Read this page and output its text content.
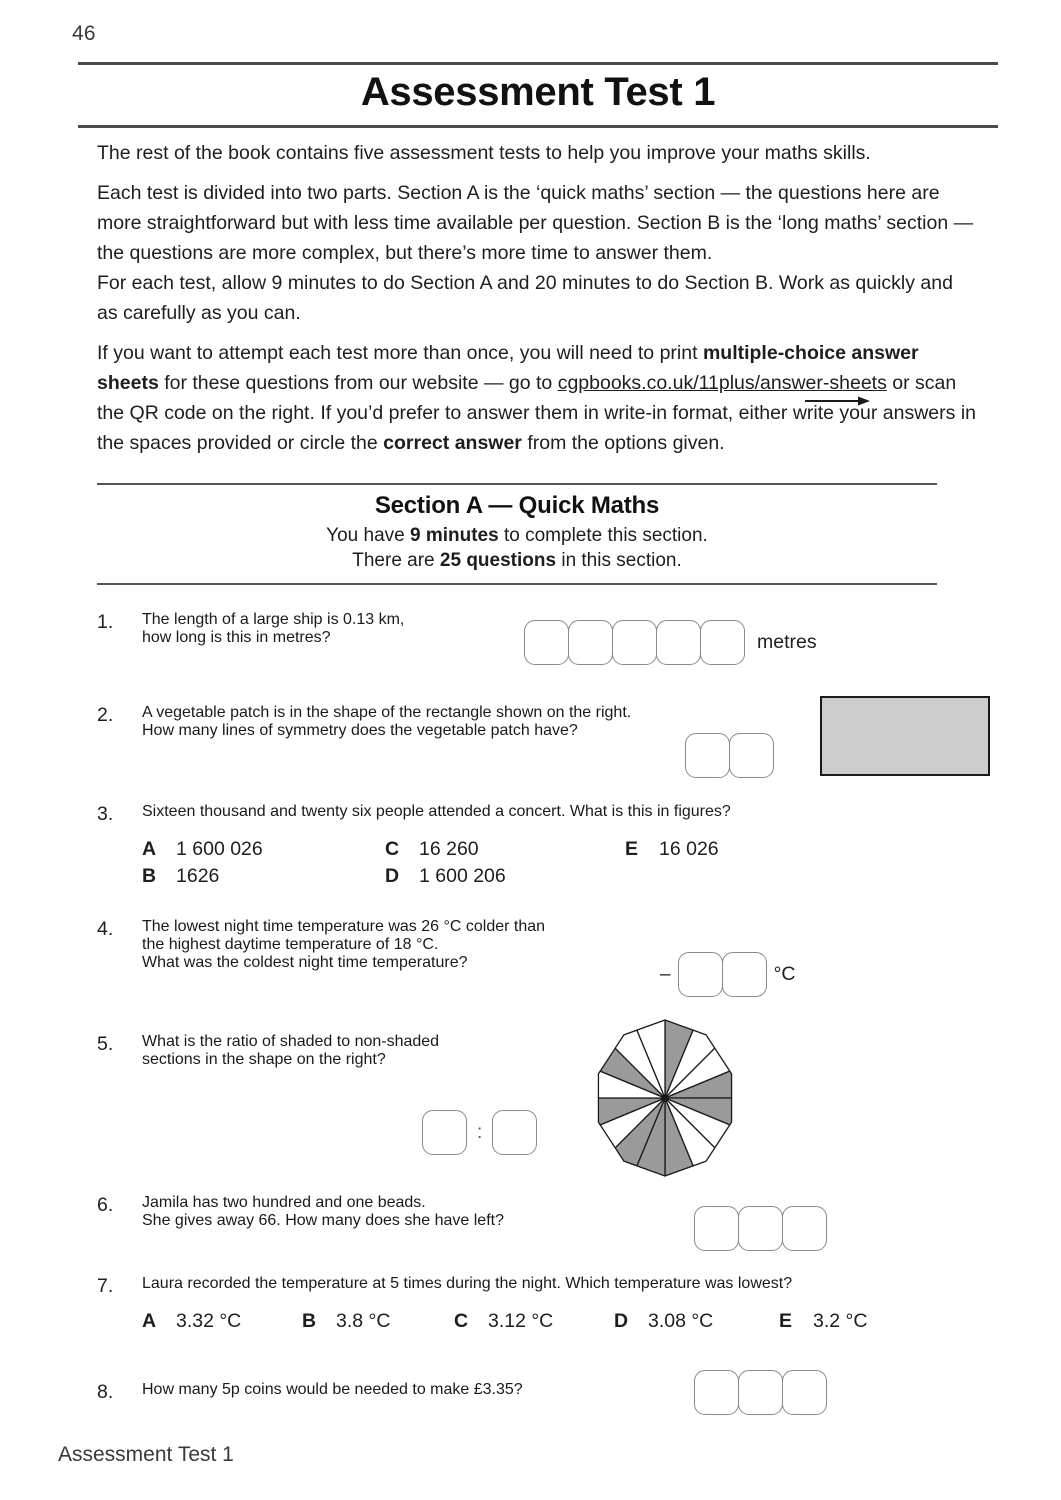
46
Assessment Test 1

The rest of the book contains five assessment tests to help you improve your maths skills.

Each test is divided into two parts. Section A is the ‘quick maths’ section — the questions here are more straightforward but with less time available per question. Section B is the ‘long maths’ section — the questions are more complex, but there’s more time to answer them.

For each test, allow 9 minutes to do Section A and 20 minutes to do Section B. Work as quickly and as carefully as you can.

If you want to attempt each test more than once, you will need to print multiple-choice answer sheets for these questions from our website — go to cgpbooks.co.uk/11plus/answer-sheets or scan the QR code on the right. If you’d prefer to answer them in write-in format, either write your answers in the spaces provided or circle the correct answer from the options given.

Section A — Quick Maths
You have 9 minutes to complete this section.
There are 25 questions in this section.
1.	The length of a large ship is 0.13 km,
how long is this in metres?	metres
2.	A vegetable patch is in the shape of the rectangle shown on the right.
How many lines of symmetry does the vegetable patch have?
3.	Sixteen thousand and twenty six people attended a concert. What is this in figures?
A 1 600 026
B 1626
C 16 260
D 1 600 206
E 16 026
4.	The lowest night time temperature was 26 °C colder than
the highest daytime temperature of 18 °C.
What was the coldest night time temperature?
–	°C
5.	What is the ratio of shaded to non-shaded
sections in the shape on the right?
:
6.	Jamila has two hundred and one beads.
She gives away 66. How many does she have left?
7.	Laura recorded the temperature at 5 times during the night. Which temperature was lowest?
A 3.32 °C	B 3.8 °C	C 3.12 °C	D 3.08 °C	E 3.2 °C
8.	How many 5p coins would be needed to make £3.35?
Assessment Test 1
